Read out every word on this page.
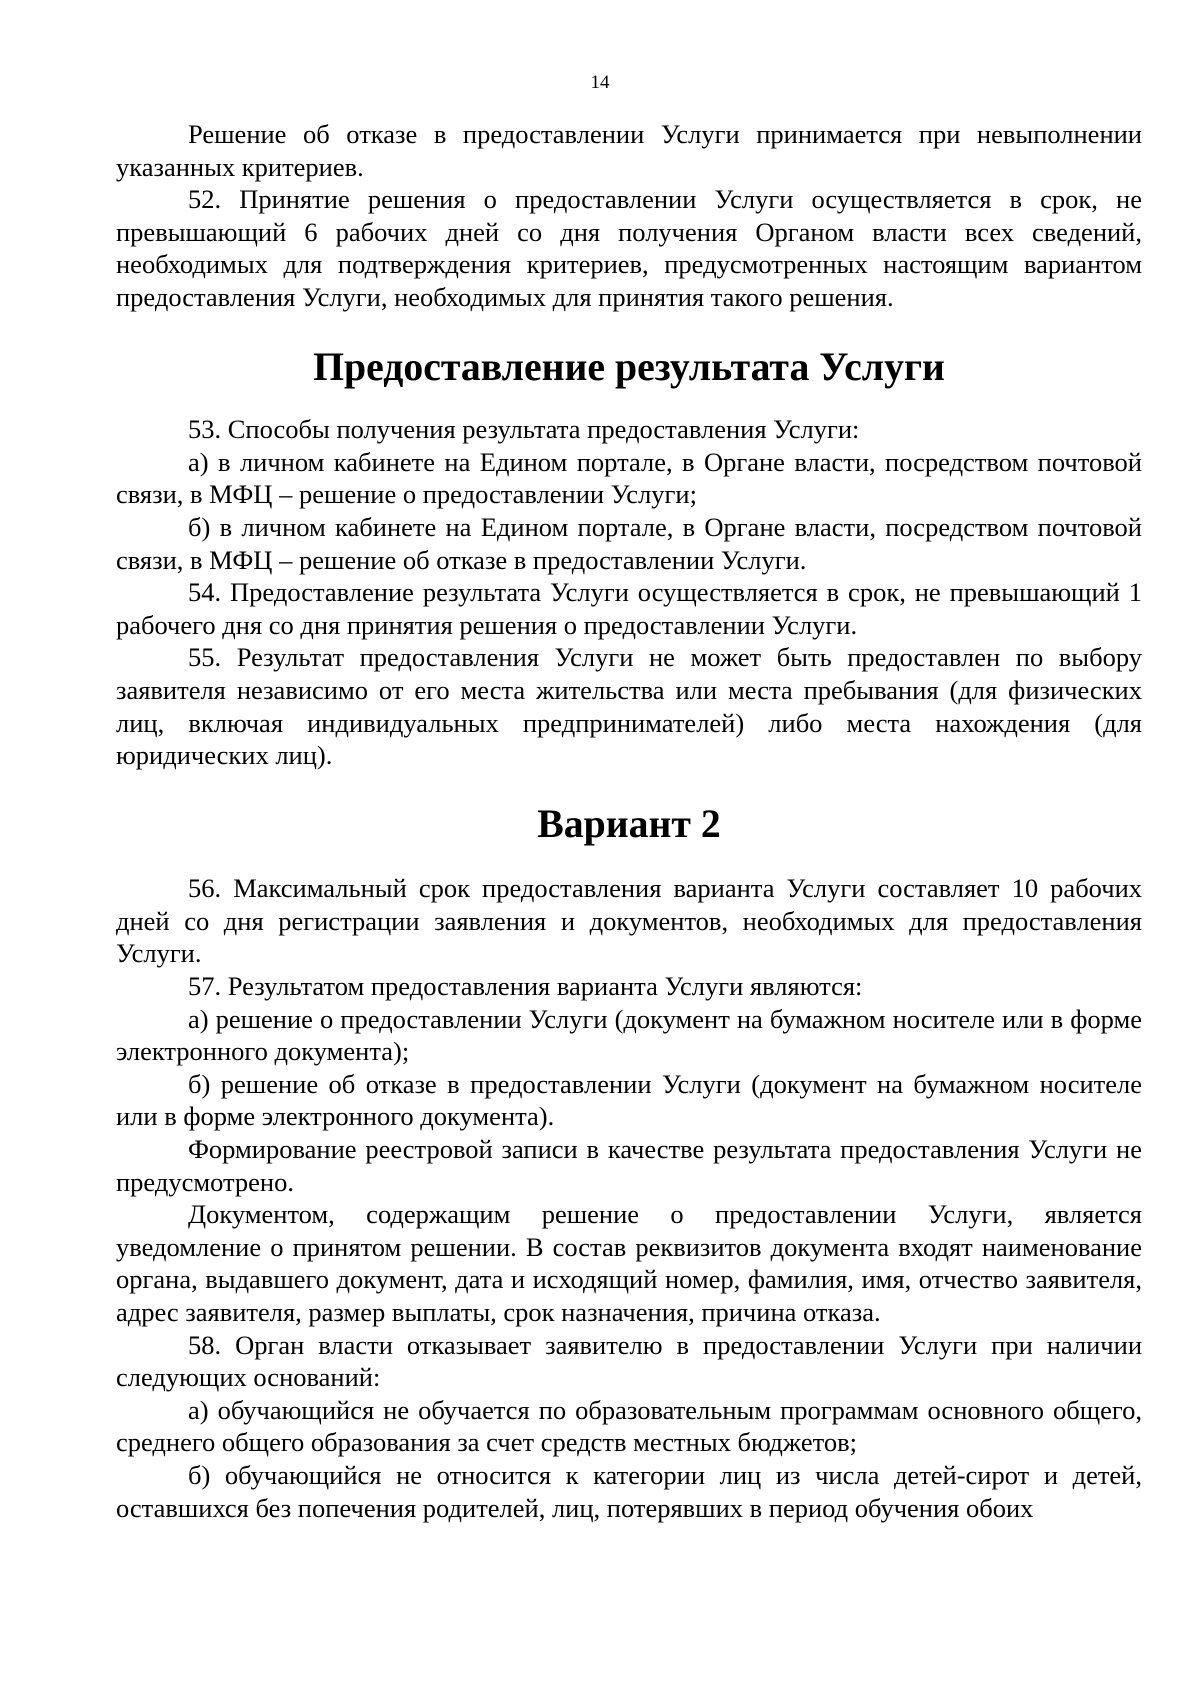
14

Решение об отказе в предоставлении Услуги принимается при невыполнении указанных критериев.

52. Принятие решения о предоставлении Услуги осуществляется в срок, не превышающий 6 рабочих дней со дня получения Органом власти всех сведений, необходимых для подтверждения критериев, предусмотренных настоящим вариантом предоставления Услуги, необходимых для принятия такого решения.

Предоставление результата Услуги

53. Способы получения результата предоставления Услуги:

а) в личном кабинете на Едином портале, в Органе власти, посредством почтовой связи, в МФЦ – решение о предоставлении Услуги;

б) в личном кабинете на Едином портале, в Органе власти, посредством почтовой связи, в МФЦ – решение об отказе в предоставлении Услуги.

54. Предоставление результата Услуги осуществляется в срок, не превышающий 1 рабочего дня со дня принятия решения о предоставлении Услуги.

55. Результат предоставления Услуги не может быть предоставлен по выбору заявителя независимо от его места жительства или места пребывания (для физических лиц, включая индивидуальных предпринимателей) либо места нахождения (для юридических лиц).

Вариант 2

56. Максимальный срок предоставления варианта Услуги составляет 10 рабочих дней со дня регистрации заявления и документов, необходимых для предоставления Услуги.

57. Результатом предоставления варианта Услуги являются:

а) решение о предоставлении Услуги (документ на бумажном носителе или в форме электронного документа);

б) решение об отказе в предоставлении Услуги (документ на бумажном носителе или в форме электронного документа).

Формирование реестровой записи в качестве результата предоставления Услуги не предусмотрено.

Документом, содержащим решение о предоставлении Услуги, является уведомление о принятом решении. В состав реквизитов документа входят наименование органа, выдавшего документ, дата и исходящий номер, фамилия, имя, отчество заявителя, адрес заявителя, размер выплаты, срок назначения, причина отказа.

58. Орган власти отказывает заявителю в предоставлении Услуги при наличии следующих оснований:

а) обучающийся не обучается по образовательным программам основного общего, среднего общего образования за счет средств местных бюджетов;

б) обучающийся не относится к категории лиц из числа детей-сирот и детей, оставшихся без попечения родителей, лиц, потерявших в период обучения обоих
